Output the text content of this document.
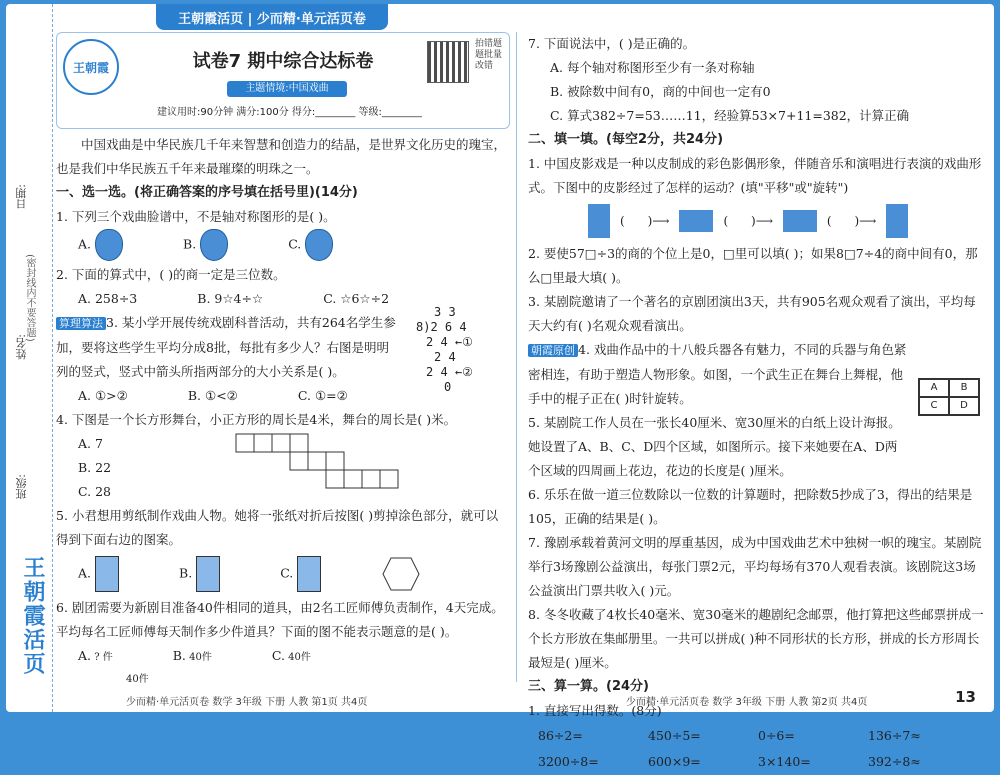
王朝霞活页 | 少而精·单元活页卷
日期:
(密封线内不要答题)
姓名:
班级:
王朝霞活页
王朝霞	试卷7 期中综合达标卷
拍错题题批量改错
主题情境:中国戏曲
建议用时:90分钟 满分:100分 得分:________ 等级:________

中国戏曲是中华民族几千年来智慧和创造力的结晶，是世界文化历史的瑰宝，也是我们中华民族五千年来最璀璨的明珠之一。

一、选一选。(将正确答案的序号填在括号里)(14分)

1. 下列三个戏曲脸谱中，不是轴对称图形的是( )。

A.	B.	C.

2. 下面的算式中，( )的商一定是三位数。

A. 258÷3	B. 9☆4÷☆	C. ☆6☆÷2

算理算法 3. 某小学开展传统戏剧科普活动，共有264名学生参加，要将这些学生平均分成8批，每批有多少人？右图是明明列的竖式，竖式中箭头所指两部分的大小关系是( )。

3 3
8)2 6 4
2 4 ←①
2 4
2 4 ←②
0
A. ①>②	B. ①<②	C. ①=②

4. 下图是一个长方形舞台，小正方形的周长是4米，舞台的周长是( )米。

A. 7
B. 22
C. 28

5. 小君想用剪纸制作戏曲人物。她将一张纸对折后按图( )剪掉涂色部分，就可以得到下面右边的图案。

A.	B.	C.

6. 剧团需要为新剧目准备40件相同的道具，由2名工匠师傅负责制作，4天完成。平均每名工匠师傅每天制作多少件道具？下面的图不能表示题意的是( )。

A. ? 件	B. 40件	C. 40件
40件
少而精·单元活页卷 数学 3年级 下册 人教 第1页 共4页

7. 下面说法中，( )是正确的。

A. 每个轴对称图形至少有一条对称轴
B. 被除数中间有0，商的中间也一定有0
C. 算式382÷7=53……11，经验算53×7+11=382，计算正确

二、填一填。(每空2分，共24分)

1. 中国皮影戏是一种以皮制成的彩色影偶形象，伴随音乐和演唱进行表演的戏曲形式。下图中的皮影经过了怎样的运动？(填"平移"或"旋转")

(      )⟶	(      )⟶	(      )⟶

2. 要使57□÷3的商的个位上是0，□里可以填( )；如果8□7÷4的商中间有0，那么□里最大填( )。

3. 某剧院邀请了一个著名的京剧团演出3天，共有905名观众观看了演出，平均每天大约有( )名观众观看演出。

朝霞原创 4. 戏曲作品中的十八般兵器各有魅力，不同的兵器与角色紧密相连，有助于塑造人物形象。如图，一个武生正在舞台上舞棍，他手中的棍子正在( )时针旋转。

5. 某剧院工作人员在一张长40厘米、宽30厘米的白纸上设计海报。她设置了A、B、C、D四个区域，如图所示。接下来她要在A、D两个区域的四周画上花边，花边的长度是( )厘米。

6. 乐乐在做一道三位数除以一位数的计算题时，把除数5抄成了3，得出的结果是105，正确的结果是( )。

7. 豫剧承载着黄河文明的厚重基因，成为中国戏曲艺术中独树一帜的瑰宝。某剧院举行3场豫剧公益演出，每张门票2元，平均每场有370人观看表演。该剧院这3场公益演出门票共收入( )元。

8. 冬冬收藏了4枚长40毫米、宽30毫米的趣剧纪念邮票，他打算把这些邮票拼成一个长方形放在集邮册里。一共可以拼成( )种不同形状的长方形，拼成的长方形周长最短是( )厘米。

三、算一算。(24分)

1. 直接写出得数。(8分)

86÷2=	450÷5=	0÷6=	136÷7≈
3200÷8=	600×9=	3×140=	392÷8≈
A	B
C	D
少而精·单元活页卷 数学 3年级 下册 人教 第2页 共4页	13
